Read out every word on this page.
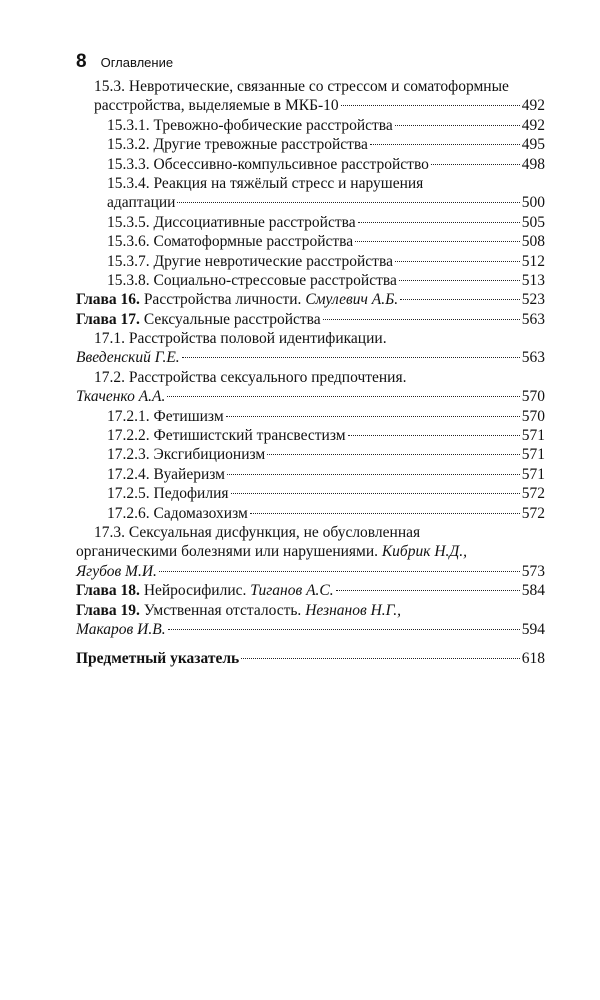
8 Оглавление
15.3. Невротические, связанные со стрессом и соматоформные
расстройства, выделяемые в МКБ-10	492
15.3.1. Тревожно-фобические расстройства	492
15.3.2. Другие тревожные расстройства	495
15.3.3. Обсессивно-компульсивное расстройство	498
15.3.4. Реакция на тяжёлый стресс и нарушения
адаптации	500
15.3.5. Диссоциативные расстройства	505
15.3.6. Соматоформные расстройства	508
15.3.7. Другие невротические расстройства	512
15.3.8. Социально-стрессовые расстройства	513
Глава 16. Расстройства личности. Смулевич А.Б.	523
Глава 17. Сексуальные расстройства	563
17.1. Расстройства половой идентификации.
Введенский Г.Е.	563
17.2. Расстройства сексуального предпочтения.
Ткаченко А.А.	570
17.2.1. Фетишизм	570
17.2.2. Фетишистский трансвестизм	571
17.2.3. Эксгибиционизм	571
17.2.4. Вуайеризм	571
17.2.5. Педофилия	572
17.2.6. Садомазохизм	572
17.3. Сексуальная дисфункция, не обусловленная
органическими болезнями или нарушениями. Кибрик Н.Д.,
Ягубов М.И.	573
Глава 18. Нейросифилис. Тиганов А.С.	584
Глава 19. Умственная отсталость. Незнанов Н.Г.,
Макаров И.В.	594
Предметный указатель	618
